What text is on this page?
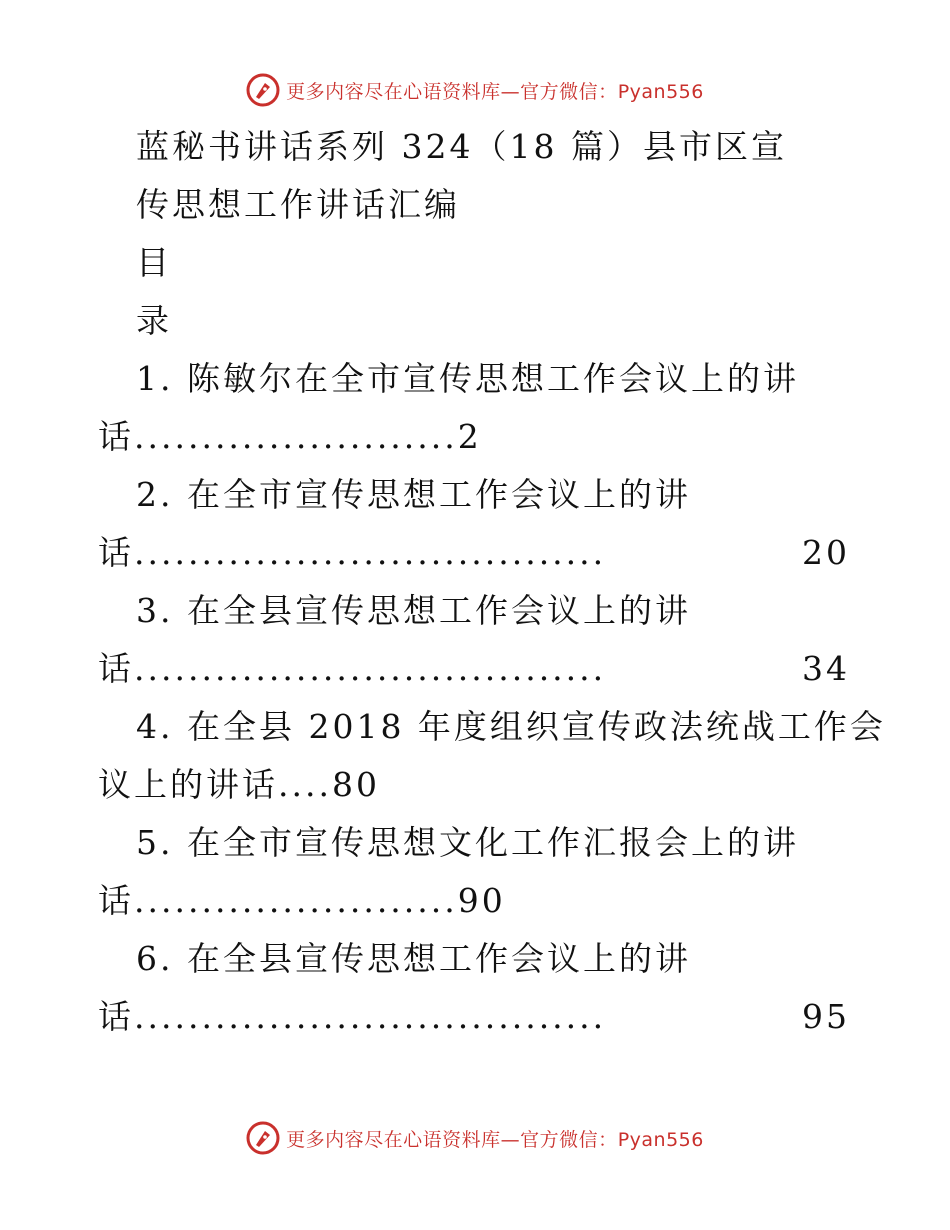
更多内容尽在心语资料库—官方微信：Pyan556
蓝秘书讲话系列 324（18 篇）县市区宣
传思想工作讲话汇编
目
录
1. 陈敏尔在全市宣传思想工作会议上的讲
话........................2
2. 在全市宣传思想工作会议上的讲
话 ...................................	20
3. 在全县宣传思想工作会议上的讲
话 ...................................	34
4. 在全县 2018 年度组织宣传政法统战工作会
议上的讲话....80
5. 在全市宣传思想文化工作汇报会上的讲
话........................90
6. 在全县宣传思想工作会议上的讲
话 ...................................	95
更多内容尽在心语资料库—官方微信：Pyan556
